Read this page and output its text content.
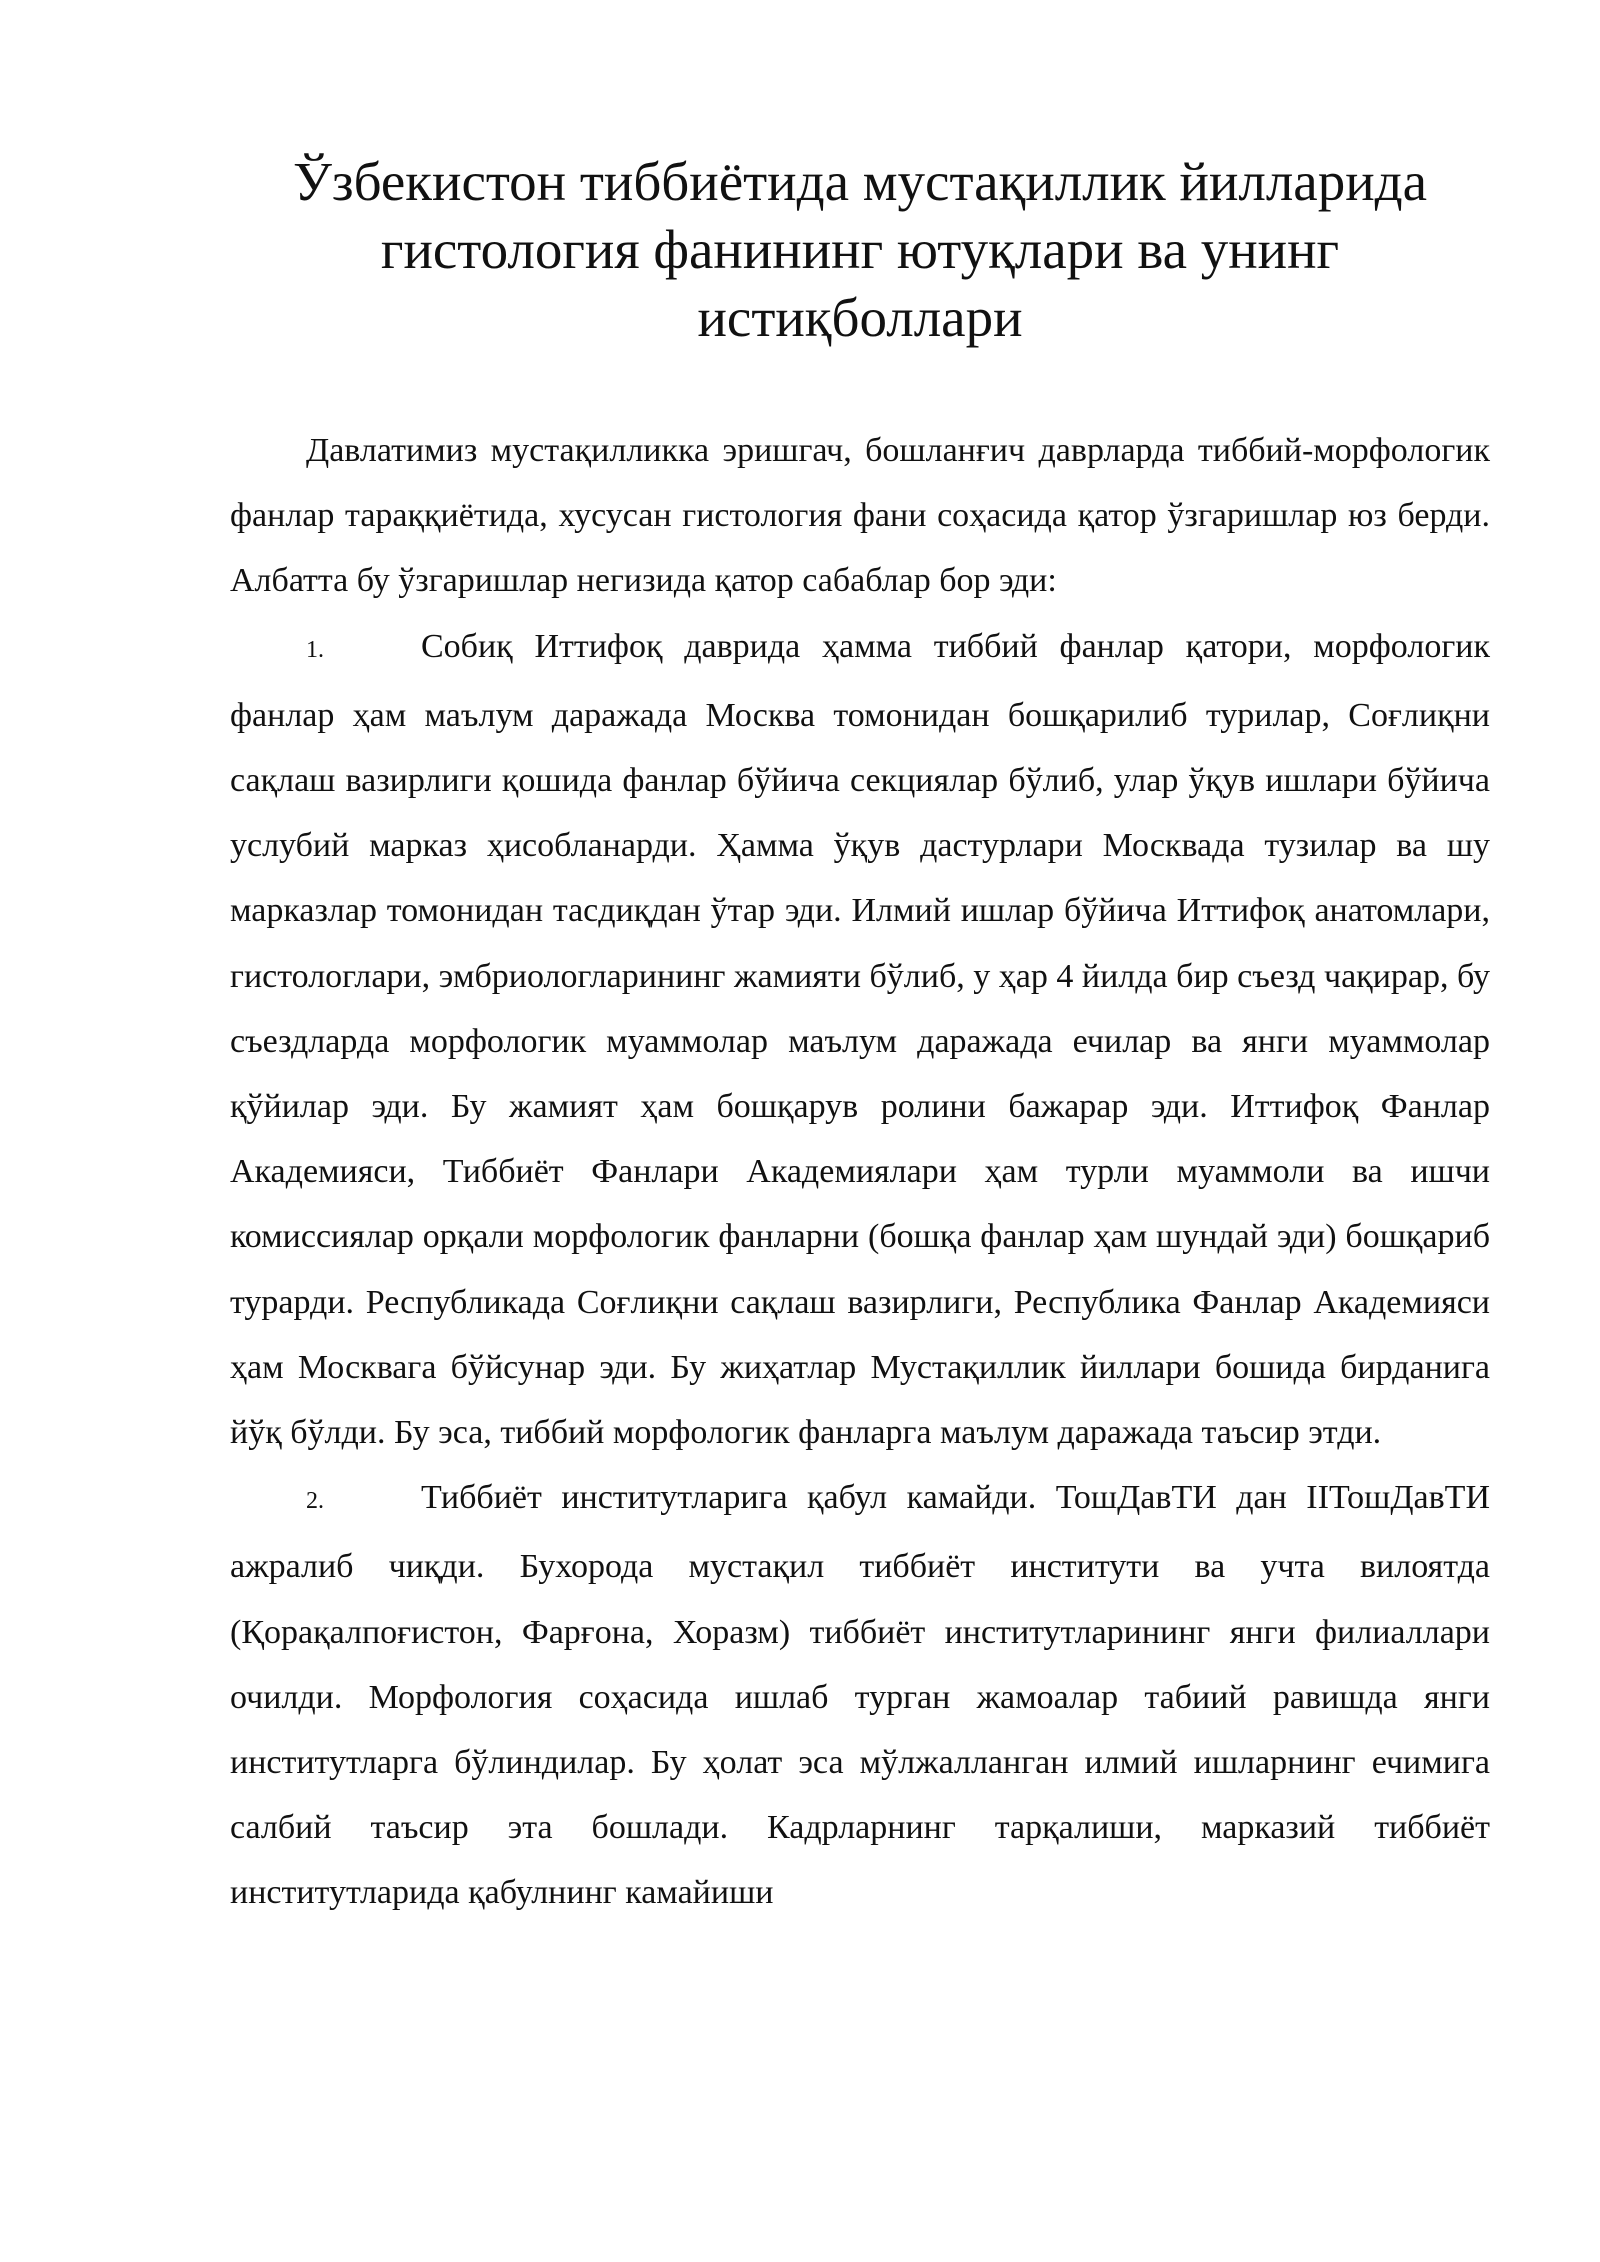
Ўзбекистон тиббиётида мустақиллик йилларида гистология фанининг ютуқлари ва унинг истиқболлари

Давлатимиз мустақилликка эришгач, бошланғич даврларда тиббий-морфологик фанлар тараққиётида, хусусан гистология фани соҳасида қатор ўзгаришлар юз берди. Албатта бу ўзгаришлар негизида қатор сабаблар бор эди:

1.	Собиқ Иттифоқ даврида ҳамма тиббий фанлар қатори, морфологик фанлар ҳам маълум даражада Москва томонидан бошқарилиб турилар, Соғлиқни сақлаш вазирлиги қошида фанлар бўйича секциялар бўлиб, улар ўқув ишлари бўйича услубий марказ ҳисобланарди. Ҳамма ўқув дастурлари Москвада тузилар ва шу марказлар томонидан тасдиқдан ўтар эди. Илмий ишлар бўйича Иттифоқ анатомлари, гистологлари, эмбриологларининг жамияти бўлиб, у ҳар 4 йилда бир съезд чақирар, бу съездларда морфологик муаммолар маълум даражада ечилар ва янги муаммолар қўйилар эди. Бу жамият ҳам бошқарув ролини бажарар эди. Иттифоқ Фанлар Академияси, Тиббиёт Фанлари Академиялари ҳам турли муаммоли ва ишчи комиссиялар орқали морфологик фанларни (бошқа фанлар ҳам шундай эди) бошқариб турарди. Республикада Соғлиқни сақлаш вазирлиги, Республика Фанлар Академияси ҳам Москвага бўйсунар эди. Бу жиҳатлар Мустақиллик йиллари бошида бирданига йўқ бўлди. Бу эса, тиббий морфологик фанларга маълум даражада таъсир этди.

2.	Тиббиёт институтларига қабул камайди. ТошДавТИ дан IIТошДавТИ ажралиб чиқди. Бухорода мустақил тиббиёт институти ва учта вилоятда (Қорақалпоғистон, Фарғона, Хоразм) тиббиёт институтларининг янги филиаллари очилди. Морфология соҳасида ишлаб турган жамоалар табиий равишда янги институтларга бўлиндилар. Бу ҳолат эса мўлжалланган илмий ишларнинг ечимига салбий таъсир эта бошлади. Кадрларнинг тарқалиши, марказий тиббиёт институтларида қабулнинг камайиши
